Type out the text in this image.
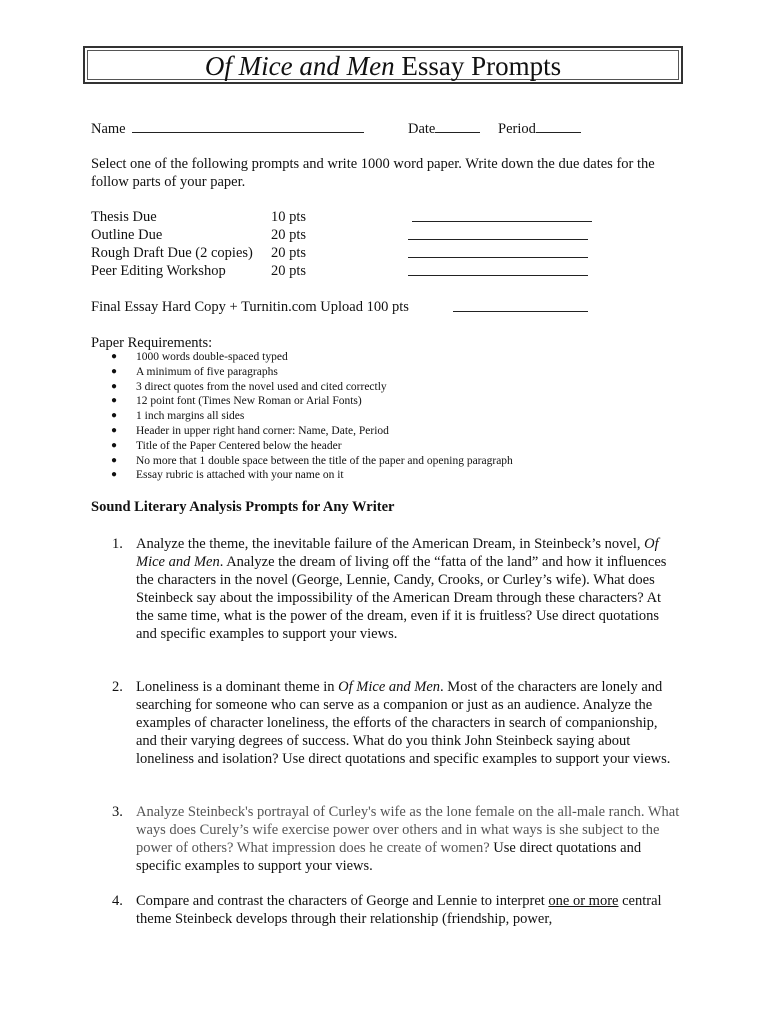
Of Mice and Men Essay Prompts
Name	Date	Period
Select one of the following prompts and write 1000 word paper. Write down the due dates for the follow parts of your paper.
Thesis Due	10 pts
Outline Due	20 pts
Rough Draft Due (2 copies) 20 pts
Peer Editing Workshop	20 pts
Final Essay Hard Copy + Turnitin.com Upload 100 pts
Paper Requirements:
● 1000 words double-spaced typed
● A minimum of five paragraphs
● 3 direct quotes from the novel used and cited correctly
● 12 point font (Times New Roman or Arial Fonts)
● 1 inch margins all sides
● Header in upper right hand corner: Name, Date, Period
● Title of the Paper Centered below the header
● No more that 1 double space between the title of the paper and opening paragraph
● Essay rubric is attached with your name on it
Sound Literary Analysis Prompts for Any Writer
1. Analyze the theme, the inevitable failure of the American Dream, in Steinbeck’s novel, Of Mice and Men. Analyze the dream of living off the “fatta of the land” and how it influences the characters in the novel (George, Lennie, Candy, Crooks, or Curley’s wife). What does Steinbeck say about the impossibility of the American Dream through these characters? At the same time, what is the power of the dream, even if it is fruitless? Use direct quotations and specific examples to support your views.
2. Loneliness is a dominant theme in Of Mice and Men. Most of the characters are lonely and searching for someone who can serve as a companion or just as an audience. Analyze the examples of character loneliness, the efforts of the characters in search of companionship, and their varying degrees of success. What do you think John Steinbeck saying about loneliness and isolation? Use direct quotations and specific examples to support your views.
3. Analyze Steinbeck's portrayal of Curley's wife as the lone female on the all-male ranch. What ways does Curely’s wife exercise power over others and in what ways is she subject to the power of others? What impression does he create of women? Use direct quotations and specific examples to support your views.
4. Compare and contrast the characters of George and Lennie to interpret one or more central theme Steinbeck develops through their relationship (friendship, power,
